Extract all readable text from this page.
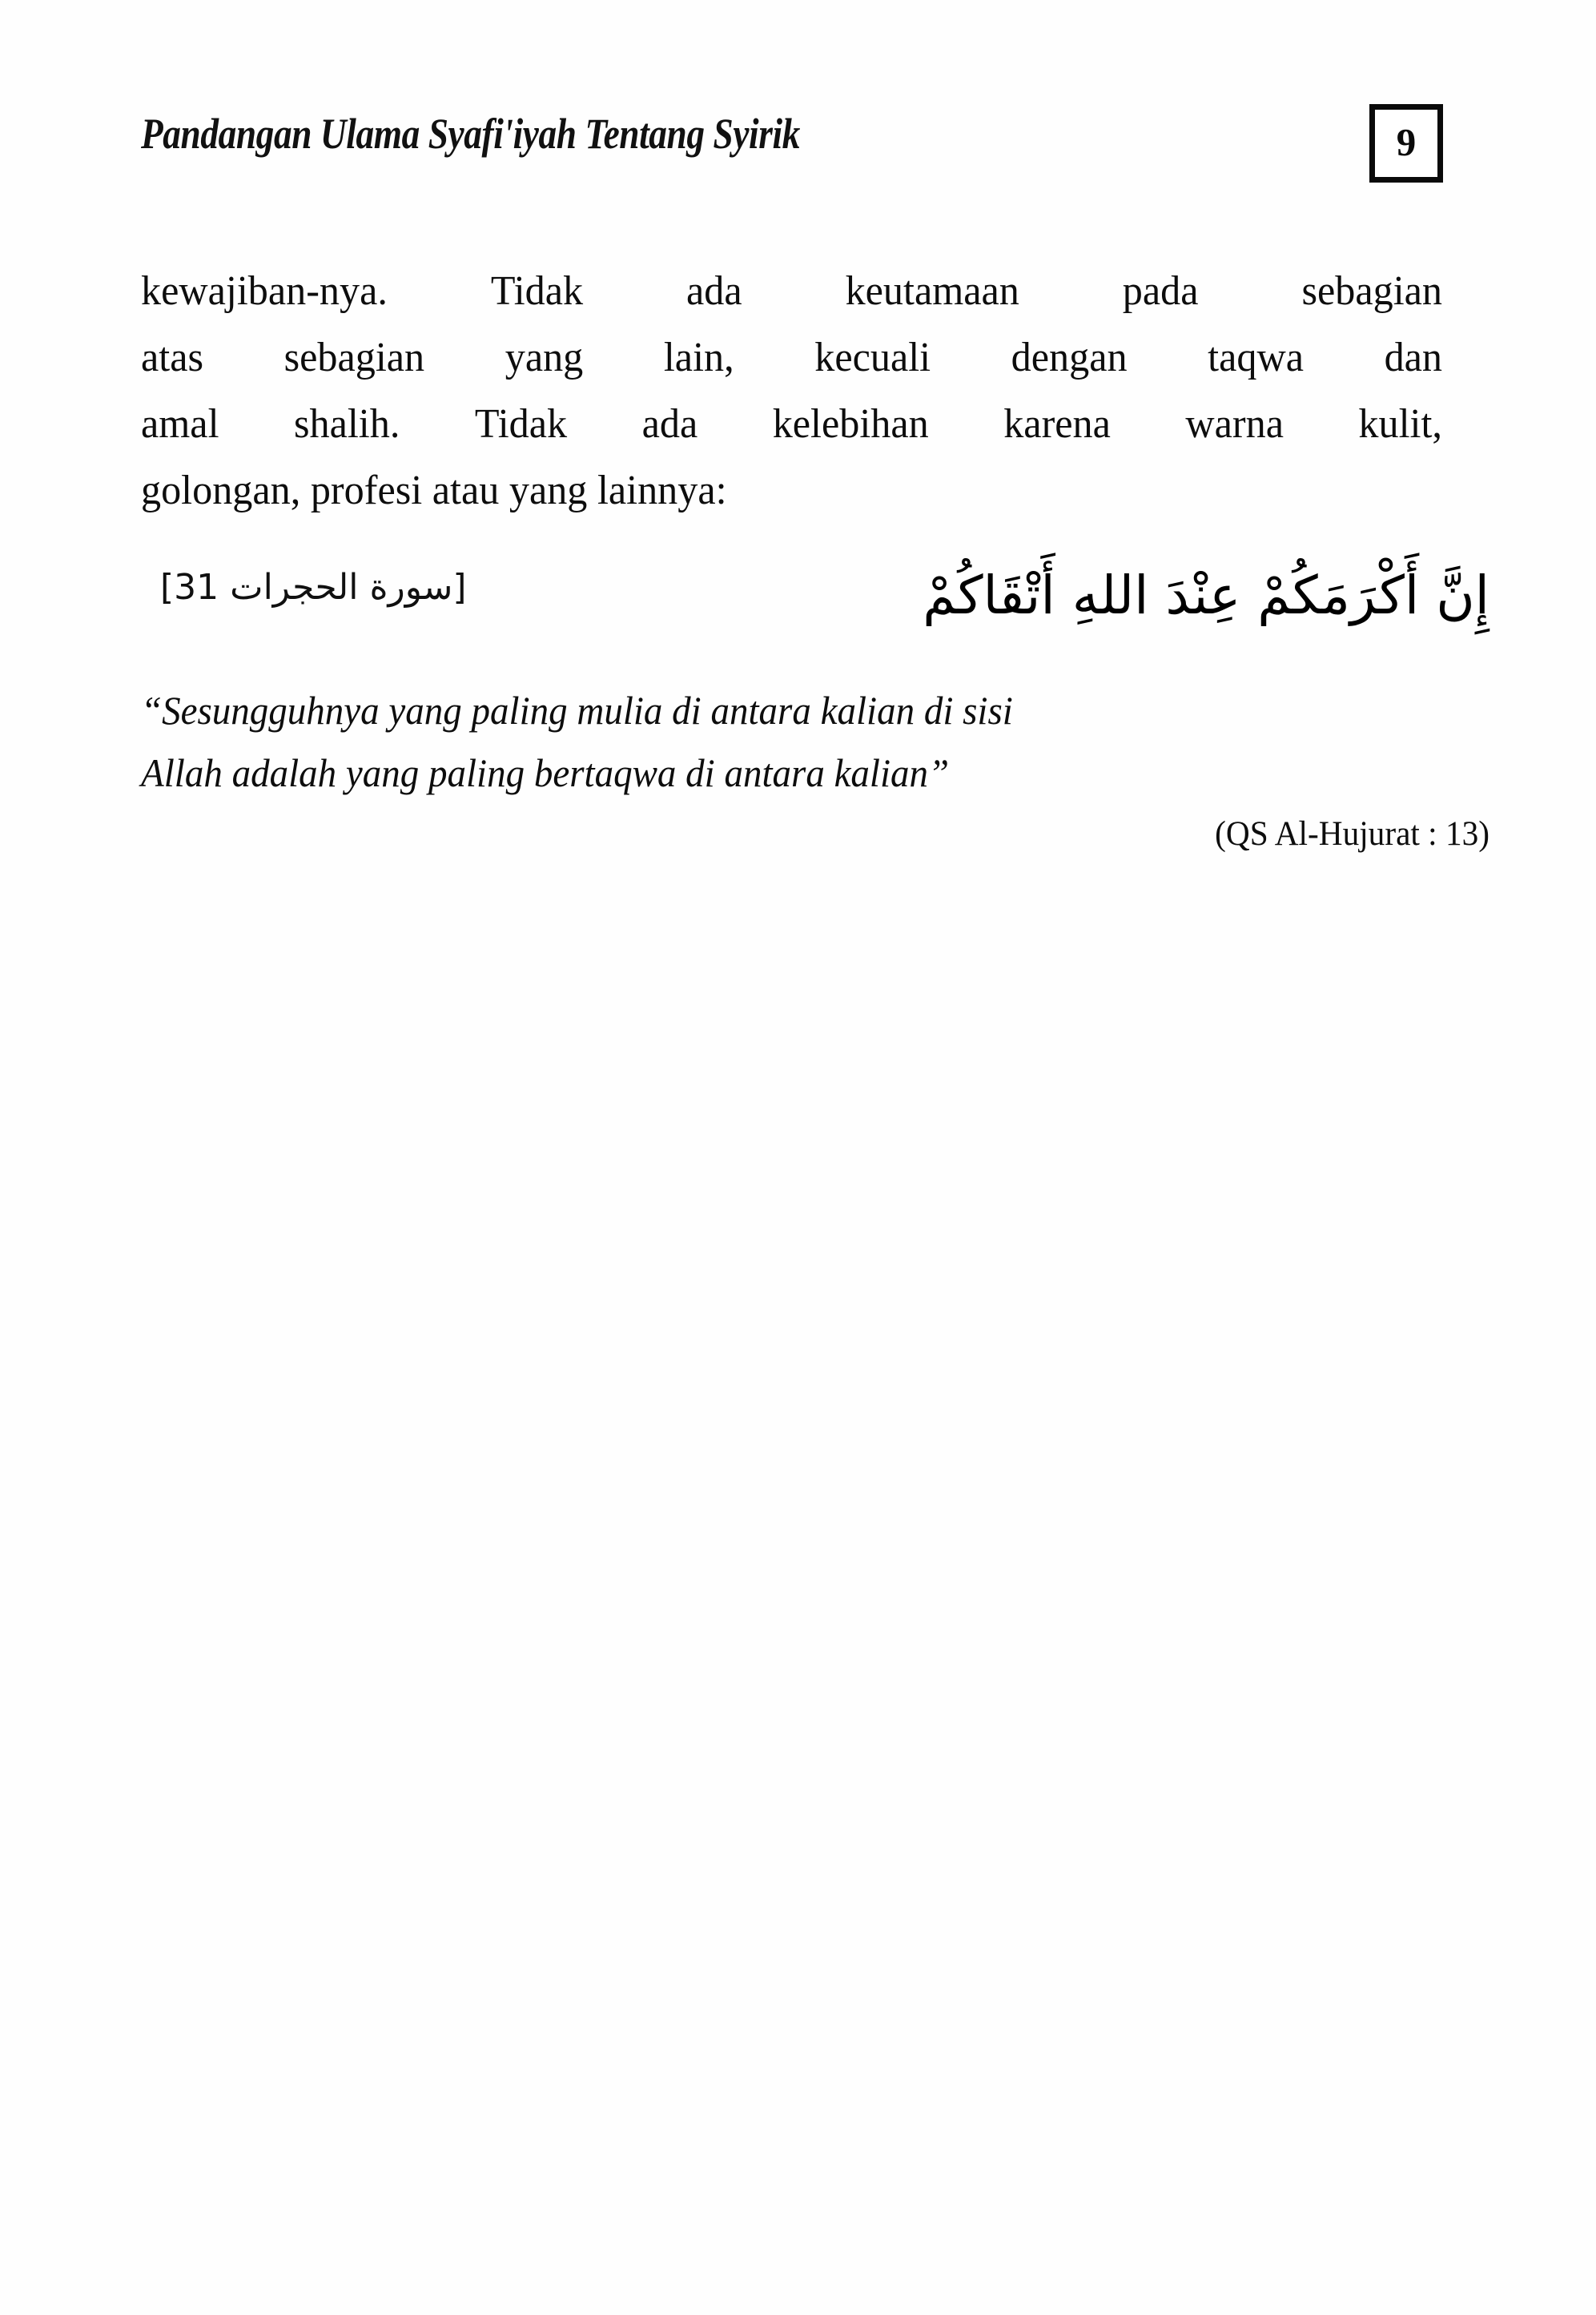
Pandangan Ulama Syafi'iyah Tentang Syirik	9
kewajiban-nya. Tidak ada keutamaan pada sebagian
atas sebagian yang lain, kecuali dengan taqwa dan
amal shalih. Tidak ada kelebihan karena warna kulit,
golongan, profesi atau yang lainnya:
[سورة الحجرات 13]	إِنَّ أَكْرَمَكُمْ عِنْدَ اللهِ أَتْقَاكُمْ
“Sesungguhnya yang paling mulia di antara kalian di sisi
Allah adalah yang paling bertaqwa di antara kalian”
(QS Al-Hujurat : 13)
